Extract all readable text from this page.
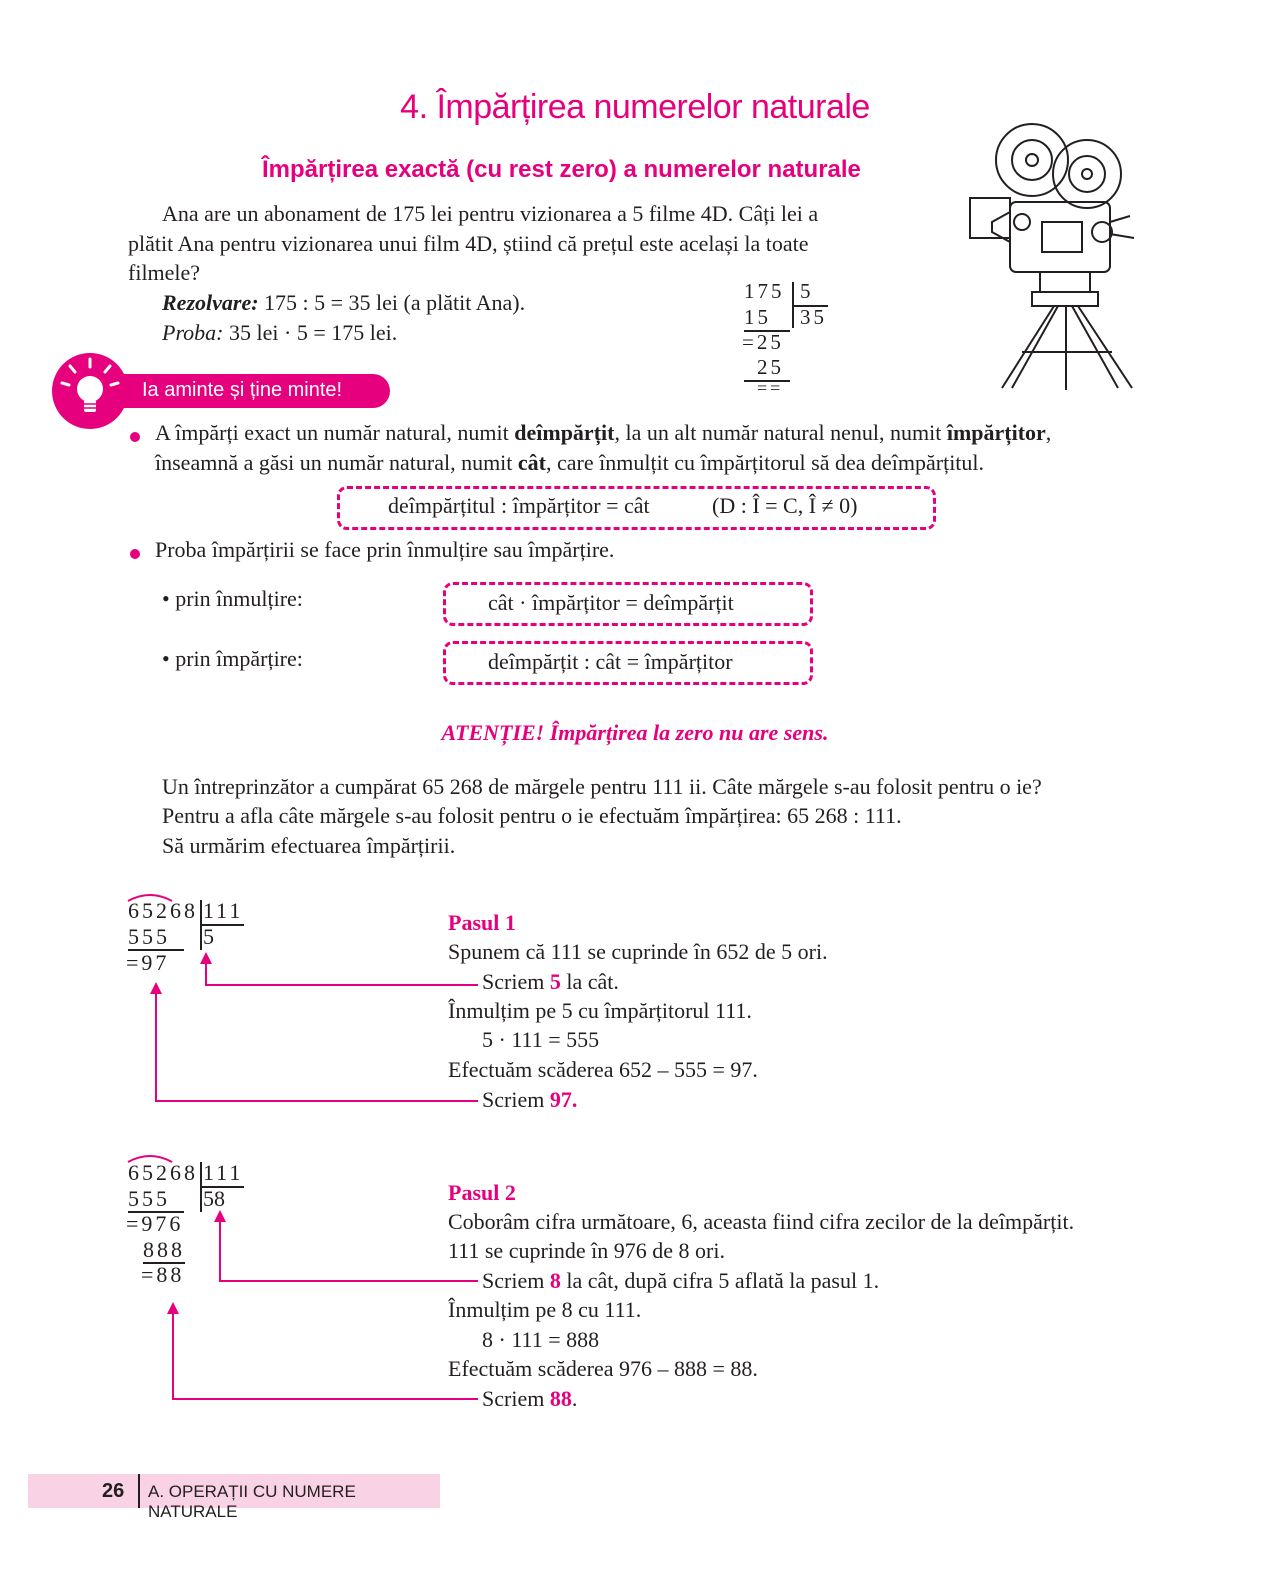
4. Împărțirea numerelor naturale
Împărțirea exactă (cu rest zero) a numerelor naturale
Ana are un abonament de 175 lei pentru vizionarea a 5 filme 4D. Câți lei a
plătit Ana pentru vizionarea unui film 4D, știind că prețul este același la toate
filmele?
Rezolvare: 175 : 5 = 35 lei (a plătit Ana).
Proba: 35 lei · 5 = 175 lei.
175 5
35
15
=25
25
==
Ia aminte și ține minte!
A împărți exact un număr natural, numit deîmpărțit, la un alt număr natural nenul, numit împărțitor,
înseamnă a găsi un număr natural, numit cât, care înmulțit cu împărțitorul să dea deîmpărțitul.
deîmpărțitul : împărțitor = cât	(D : Î = C, Î ≠ 0)
Proba împărțirii se face prin înmulțire sau împărțire.
• prin înmulțire:	cât · împărțitor = deîmpărțit
• prin împărțire:	deîmpărțit : cât = împărțitor
ATENȚIE! Împărțirea la zero nu are sens.
Un întreprinzător a cumpărat 65 268 de mărgele pentru 111 ii. Câte mărgele s-au folosit pentru o ie?
Pentru a afla câte mărgele s-au folosit pentru o ie efectuăm împărțirea: 65 268 : 111.
Să urmărim efectuarea împărțirii.
65268 111
5
555
=97
Pasul 1
Spunem că 111 se cuprinde în 652 de 5 ori.
Scriem 5 la cât.
Înmulțim pe 5 cu împărțitorul 111.
5 · 111 = 555
Efectuăm scăderea 652 – 555 = 97.
Scriem 97.
65268 111
58
555
=976
888
=88
Pasul 2
Coborâm cifra următoare, 6, aceasta fiind cifra zecilor de la deîmpărțit.
111 se cuprinde în 976 de 8 ori.
Scriem 8 la cât, după cifra 5 aflată la pasul 1.
Înmulțim pe 8 cu 111.
8 · 111 = 888
Efectuăm scăderea 976 – 888 = 88.
Scriem 88.
26 A. OPERAȚII CU NUMERE NATURALE
